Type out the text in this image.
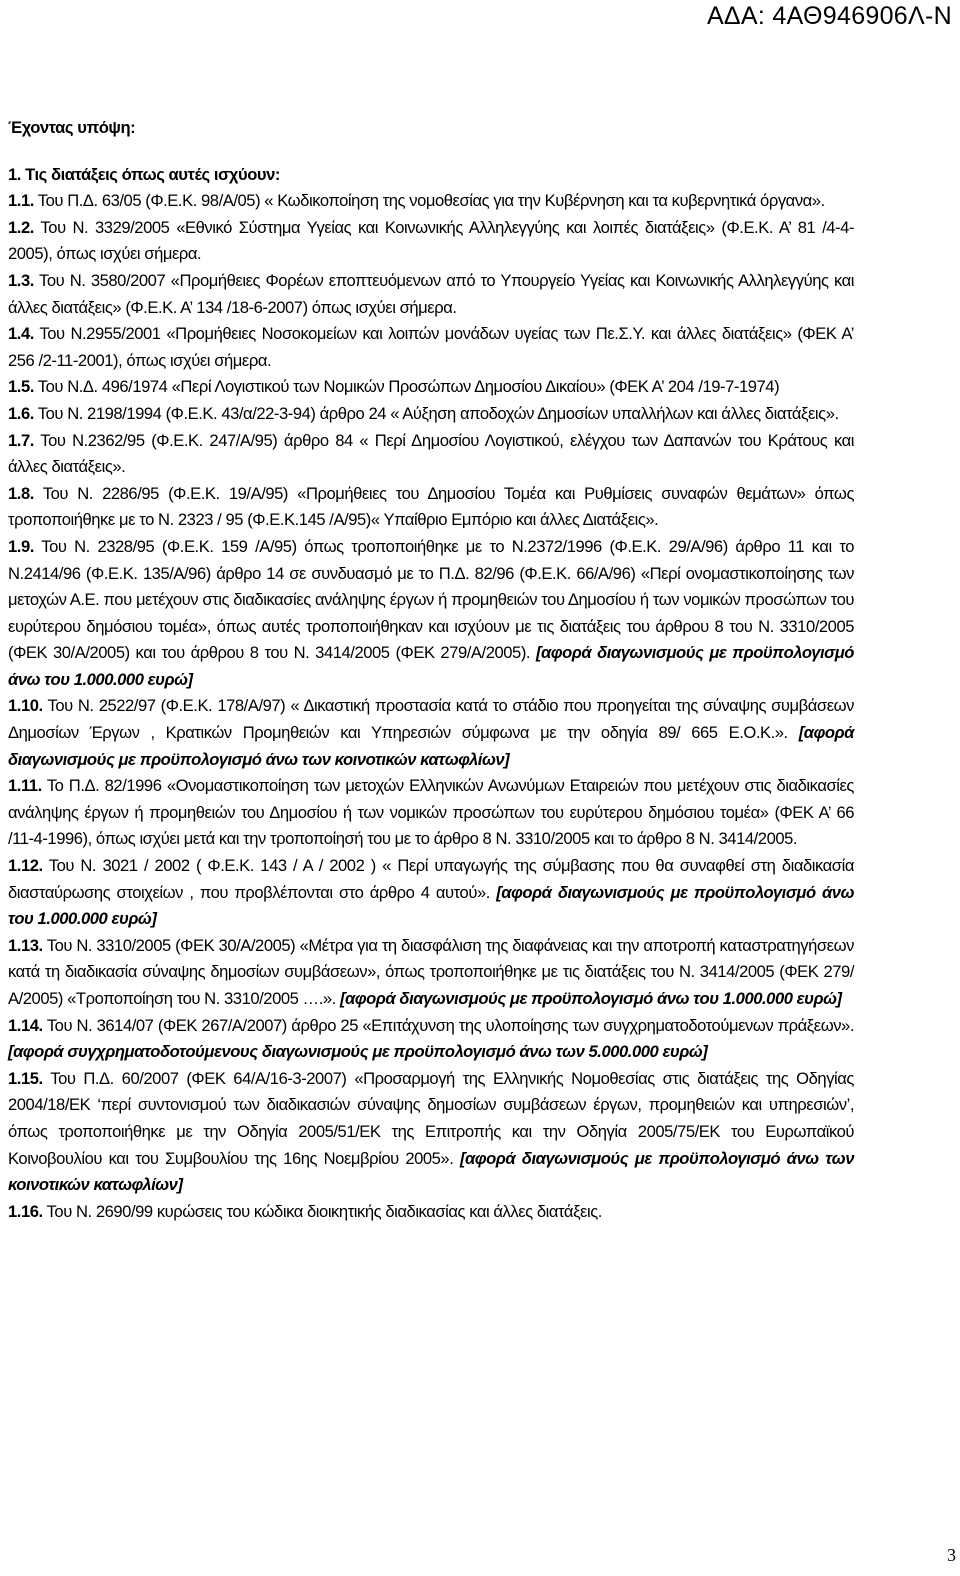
ΑΔΑ: 4ΑΘ946906Λ-Ν
Έχοντας υπόψη:
1. Τις διατάξεις όπως αυτές ισχύουν:

1.1. Του Π.Δ. 63/05 (Φ.Ε.Κ. 98/Α/05) « Κωδικοποίηση της νομοθεσίας για την Κυβέρνηση και τα κυβερνητικά όργανα».

1.2. Του Ν. 3329/2005 «Εθνικό Σύστημα Υγείας και Κοινωνικής Αλληλεγγύης και λοιπές διατάξεις» (Φ.Ε.Κ. Α’ 81 /4-4-2005), όπως ισχύει σήμερα.

1.3. Του Ν. 3580/2007 «Προμήθειες Φορέων εποπτευόμενων από το Υπουργείο Υγείας και Κοινωνικής Αλληλεγγύης και άλλες διατάξεις» (Φ.Ε.Κ. Α’ 134 /18-6-2007) όπως ισχύει σήμερα.

1.4. Του Ν.2955/2001 «Προμήθειες Νοσοκομείων και λοιπών μονάδων υγείας των Πε.Σ.Υ. και άλλες διατάξεις» (ΦΕΚ Α’ 256 /2-11-2001), όπως ισχύει σήμερα.

1.5. Του Ν.Δ. 496/1974 «Περί Λογιστικού των Νομικών Προσώπων Δημοσίου Δικαίου» (ΦΕΚ Α’ 204 /19-7-1974)

1.6. Του Ν. 2198/1994 (Φ.Ε.Κ. 43/α/22-3-94) άρθρο 24 « Αύξηση αποδοχών Δημοσίων υπαλλήλων και άλλες διατάξεις».

1.7. Του Ν.2362/95 (Φ.Ε.Κ. 247/Α/95) άρθρο 84 « Περί Δημοσίου Λογιστικού, ελέγχου των Δαπανών του Κράτους και άλλες διατάξεις».

1.8. Του Ν. 2286/95 (Φ.Ε.Κ. 19/Α/95) «Προμήθειες του Δημοσίου Τομέα και Ρυθμίσεις συναφών θεμάτων» όπως τροποποιήθηκε με το Ν. 2323 / 95 (Φ.Ε.Κ.145 /Α/95)« Υπαίθριο Εμπόριο και άλλες Διατάξεις».

1.9. Του Ν. 2328/95 (Φ.Ε.Κ. 159 /Α/95) όπως τροποποιήθηκε με το Ν.2372/1996 (Φ.Ε.Κ. 29/Α/96) άρθρο 11 και το Ν.2414/96 (Φ.Ε.Κ. 135/Α/96) άρθρο 14 σε συνδυασμό με το Π.Δ. 82/96 (Φ.Ε.Κ. 66/Α/96) «Περί ονομαστικοποίησης των μετοχών Α.Ε. που μετέχουν στις διαδικασίες ανάληψης έργων ή προμηθειών του Δημοσίου ή των νομικών προσώπων του ευρύτερου δημόσιου τομέα», όπως αυτές τροποποιήθηκαν και ισχύουν με τις διατάξεις του άρθρου 8 του Ν. 3310/2005 (ΦΕΚ 30/Α/2005) και του άρθρου 8 του Ν. 3414/2005 (ΦΕΚ 279/Α/2005). [αφορά διαγωνισμούς με προϋπολογισμό άνω του 1.000.000 ευρώ]

1.10. Του Ν. 2522/97 (Φ.Ε.Κ. 178/Α/97) « Δικαστική προστασία κατά το στάδιο που προηγείται της σύναψης συμβάσεων Δημοσίων Έργων , Κρατικών Προμηθειών και Υπηρεσιών σύμφωνα με την οδηγία 89/ 665 Ε.Ο.Κ.». [αφορά διαγωνισμούς με προϋπολογισμό άνω των κοινοτικών κατωφλίων]

1.11. Το Π.Δ. 82/1996 «Ονομαστικοποίηση των μετοχών Ελληνικών Ανωνύμων Εταιρειών που μετέχουν στις διαδικασίες ανάληψης έργων ή προμηθειών του Δημοσίου ή των νομικών προσώπων του ευρύτερου δημόσιου τομέα» (ΦΕΚ Α’ 66 /11-4-1996), όπως ισχύει μετά και την τροποποίησή του με το άρθρο 8 Ν. 3310/2005 και το άρθρο 8 Ν. 3414/2005.

1.12. Του Ν. 3021 / 2002 ( Φ.Ε.Κ. 143 / Α / 2002 ) « Περί υπαγωγής της σύμβασης που θα συναφθεί στη διαδικασία διασταύρωσης στοιχείων , που προβλέπονται στο άρθρο 4 αυτού». [αφορά διαγωνισμούς με προϋπολογισμό άνω του 1.000.000 ευρώ]

1.13. Του Ν. 3310/2005 (ΦΕΚ 30/Α/2005) «Μέτρα για τη διασφάλιση της διαφάνειας και την αποτροπή καταστρατηγήσεων κατά τη διαδικασία σύναψης δημοσίων συμβάσεων», όπως τροποποιήθηκε με τις διατάξεις του Ν. 3414/2005 (ΦΕΚ 279/Α/2005) «Τροποποίηση του Ν. 3310/2005 ….». [αφορά διαγωνισμούς με προϋπολογισμό άνω του 1.000.000 ευρώ]

1.14. Του Ν. 3614/07 (ΦΕΚ 267/Α/2007) άρθρο 25 «Επιτάχυνση της υλοποίησης των συγχρηματοδοτούμενων πράξεων». [αφορά συγχρηματοδοτούμενους διαγωνισμούς με προϋπολογισμό άνω των 5.000.000 ευρώ]

1.15. Του Π.Δ. 60/2007 (ΦΕΚ 64/Α/16-3-2007) «Προσαρμογή της Ελληνικής Νομοθεσίας στις διατάξεις της Οδηγίας 2004/18/ΕΚ ‘περί συντονισμού των διαδικασιών σύναψης δημοσίων συμβάσεων έργων, προμηθειών και υπηρεσιών’, όπως τροποποιήθηκε με την Οδηγία 2005/51/ΕΚ της Επιτροπής και την Οδηγία 2005/75/ΕΚ του Ευρωπαϊκού Κοινοβουλίου και του Συμβουλίου της 16ης Νοεμβρίου 2005». [αφορά διαγωνισμούς με προϋπολογισμό άνω των κοινοτικών κατωφλίων]

1.16. Του Ν. 2690/99 κυρώσεις του κώδικα διοικητικής διαδικασίας και άλλες διατάξεις.

3
